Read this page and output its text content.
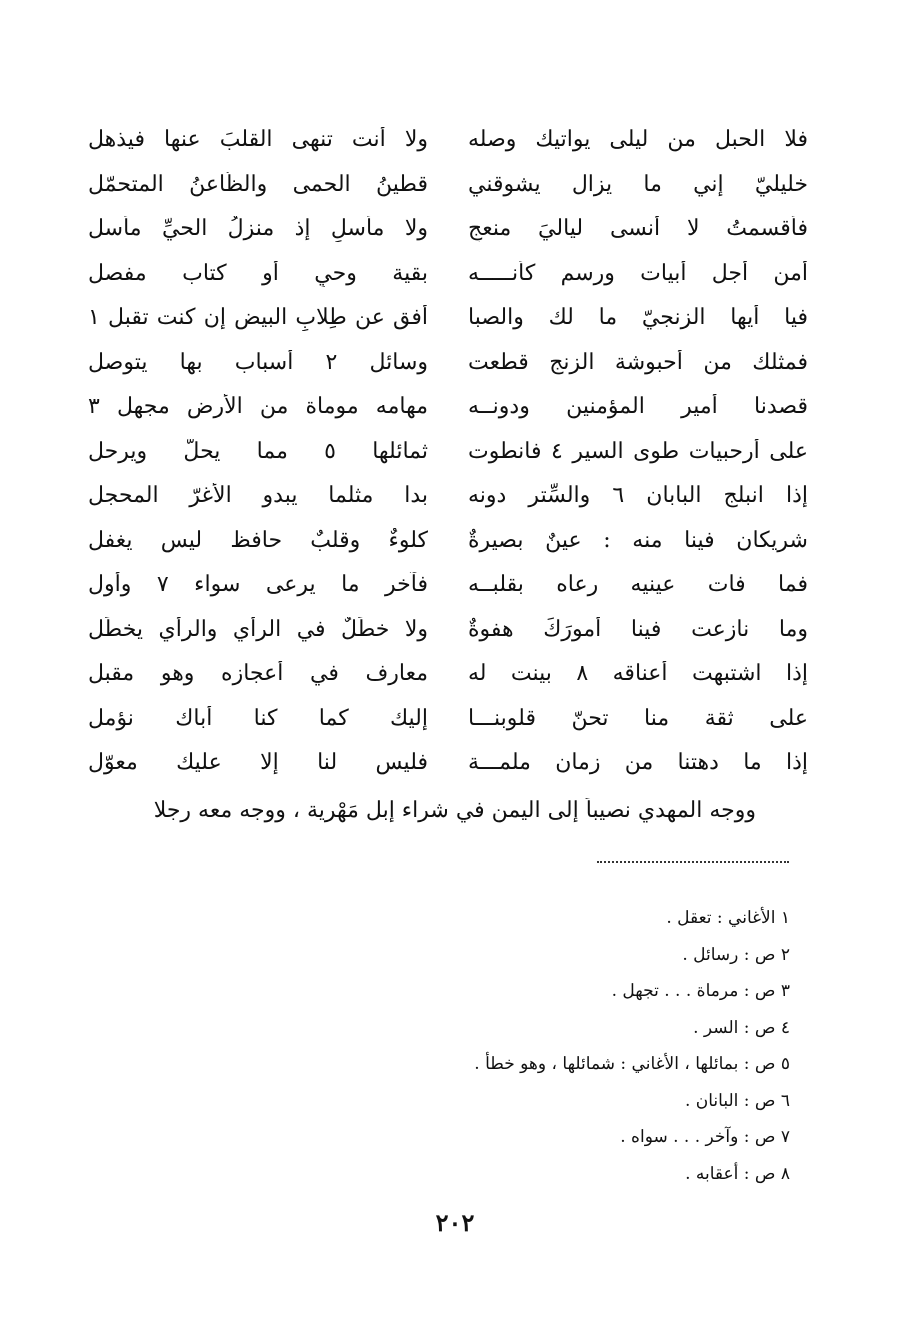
فلا الحبل من ليلى يواتيك وصله
ولا أنت تنهى القلبَ عنها فيذهل
خليليّ إني ما يزال يشوقني
قطينُ الحمى والظّاعنُ المتحمّل
فأقسمتُ لا أنسى لياليَ منعجٍ
ولا مأسلٍ إذ منزلُ الحيِّ مأسل
أمن أجل أبيات ورسم كأنـــــه
بقية وحيٍ أو كتاب مفصل
فيا أيها الزنجيّ ما لك والصبا
أفق عن طِلابِ البيض إن كنت تقبل ١
فمثلك من أحبوشة الزنج قطعت
وسائل ٢ أسباب بها يتوصل
قصدنا أمير المؤمنين ودونــه
مهامه موماة من الأرض مجهل ٣
على أرحبيات طوى السير ٤ فانطوت
ثمائلها ٥ مما يحلّ ويرحل
إذا انبلج البابان ٦ والسِّتر دونه
بدا مثلما يبدو الأغرّ المحجل
شريكان فينا منه : عينٌ بصيرةٌ
كلوءٌ وقلبٌ حافظ ليس يغفل
فما فات عينيه رعاه بقلبــه
فآخر ما يرعى سواء ٧ وأول
وما نازعت فينا أمورَكَ هفوةٌ
ولا خطَلٌ في الرأي والرأي يخطَل
إذا اشتبهت أعناقه ٨ بينت له
معارف في أعجازه وهو مقبل
على ثقة منا تحنّ قلوبنـــا
إليك كما كنا أباك نؤمل
إذا ما دهتنا من زمان ملمـــة
فليس لنا إلا عليك معوّل
ووجه المهدي نصيباً إلى اليمن في شراء إبل مَهْرية ، ووجه معه رجلا
١ الأغاني : تعقل .
٢ ص : رسائل .
٣ ص : مرماة . . . تجهل .
٤ ص : السر .
٥ ص : بمائلها ، الأغاني : شمائلها ، وهو خطأ .
٦ ص : البانان .
٧ ص : وآخر . . . سواه .
٨ ص : أعقابه .
٢٠٢
